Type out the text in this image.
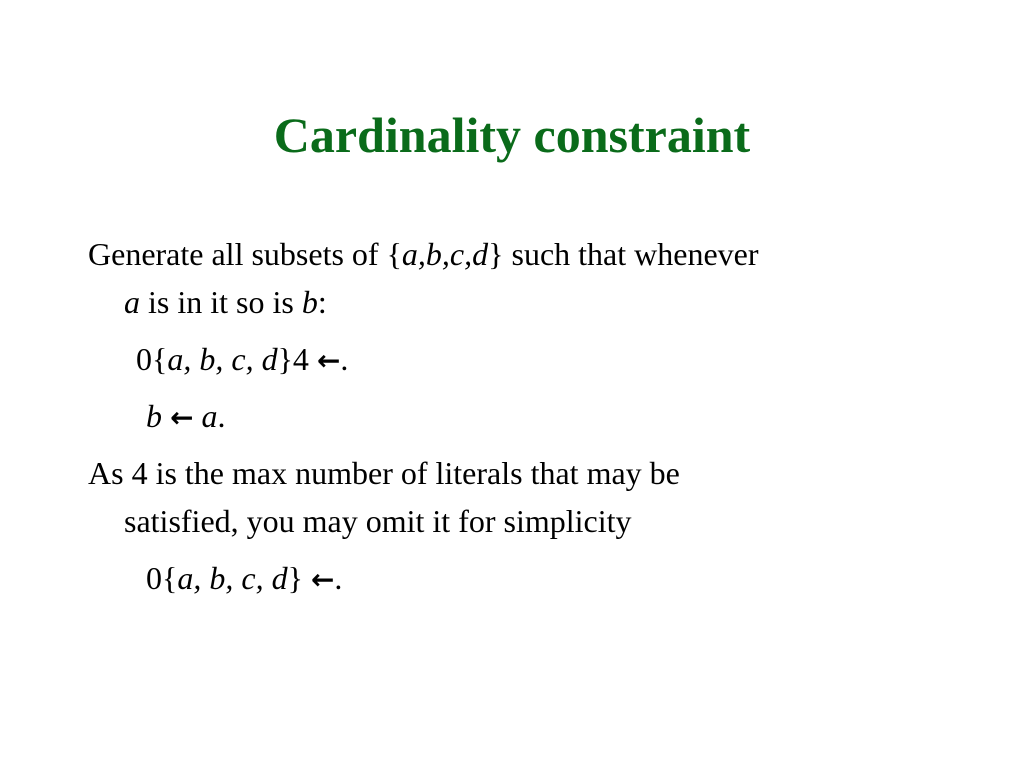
Cardinality constraint
Generate all subsets of {a,b,c,d} such that whenever
a is in it so is b:
0{a, b, c, d}4 ←.
b ← a.
As 4 is the max number of literals that may be
satisfied, you may omit it for simplicity
0{a, b, c, d} ←.
